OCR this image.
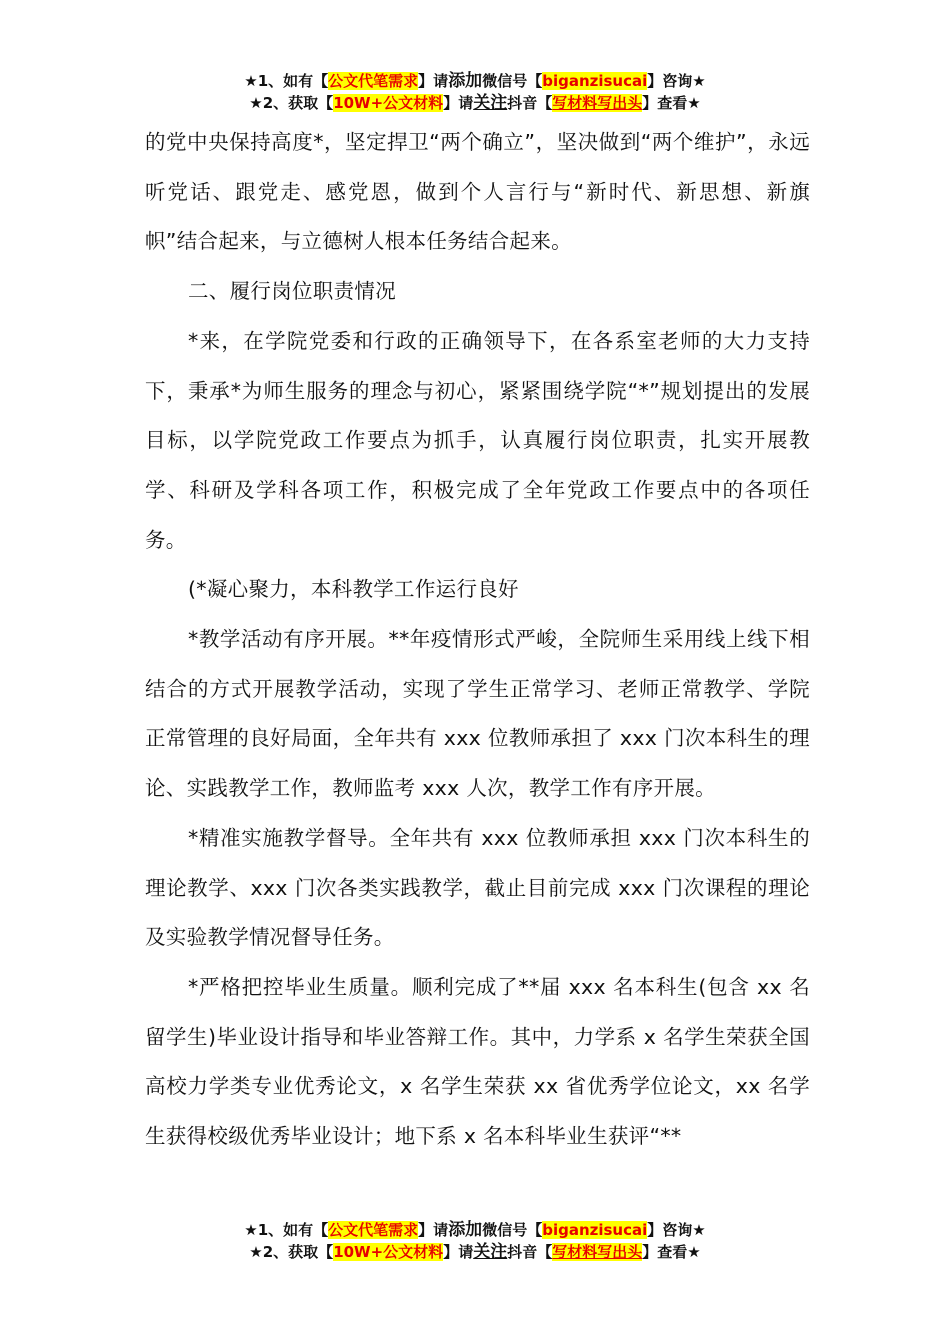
★1、如有【公文代笔需求】请添加微信号【biganzisucai】咨询★
★2、获取【10W+公文材料】请关注抖音【写材料写出头】查看★

的党中央保持高度*，坚定捍卫“两个确立”，坚决做到“两个维护”，永远听党话、跟党走、感党恩，做到个人言行与“新时代、新思想、新旗帜”结合起来，与立德树人根本任务结合起来。

二、履行岗位职责情况

*来，在学院党委和行政的正确领导下，在各系室老师的大力支持下，秉承*为师生服务的理念与初心，紧紧围绕学院“*”规划提出的发展目标，以学院党政工作要点为抓手，认真履行岗位职责，扎实开展教学、科研及学科各项工作，积极完成了全年党政工作要点中的各项任务。

(*凝心聚力，本科教学工作运行良好

*教学活动有序开展。**年疫情形式严峻，全院师生采用线上线下相结合的方式开展教学活动，实现了学生正常学习、老师正常教学、学院正常管理的良好局面，全年共有 xxx 位教师承担了 xxx 门次本科生的理论、实践教学工作，教师监考 xxx 人次，教学工作有序开展。

*精准实施教学督导。全年共有 xxx 位教师承担 xxx 门次本科生的理论教学、xxx 门次各类实践教学，截止目前完成 xxx 门次课程的理论及实验教学情况督导任务。

*严格把控毕业生质量。顺利完成了**届 xxx 名本科生(包含 xx 名留学生)毕业设计指导和毕业答辩工作。其中，力学系 x 名学生荣获全国高校力学类专业优秀论文，x 名学生荣获 xx 省优秀学位论文，xx 名学生获得校级优秀毕业设计；地下系 x 名本科毕业生获评“**

★1、如有【公文代笔需求】请添加微信号【biganzisucai】咨询★
★2、获取【10W+公文材料】请关注抖音【写材料写出头】查看★
